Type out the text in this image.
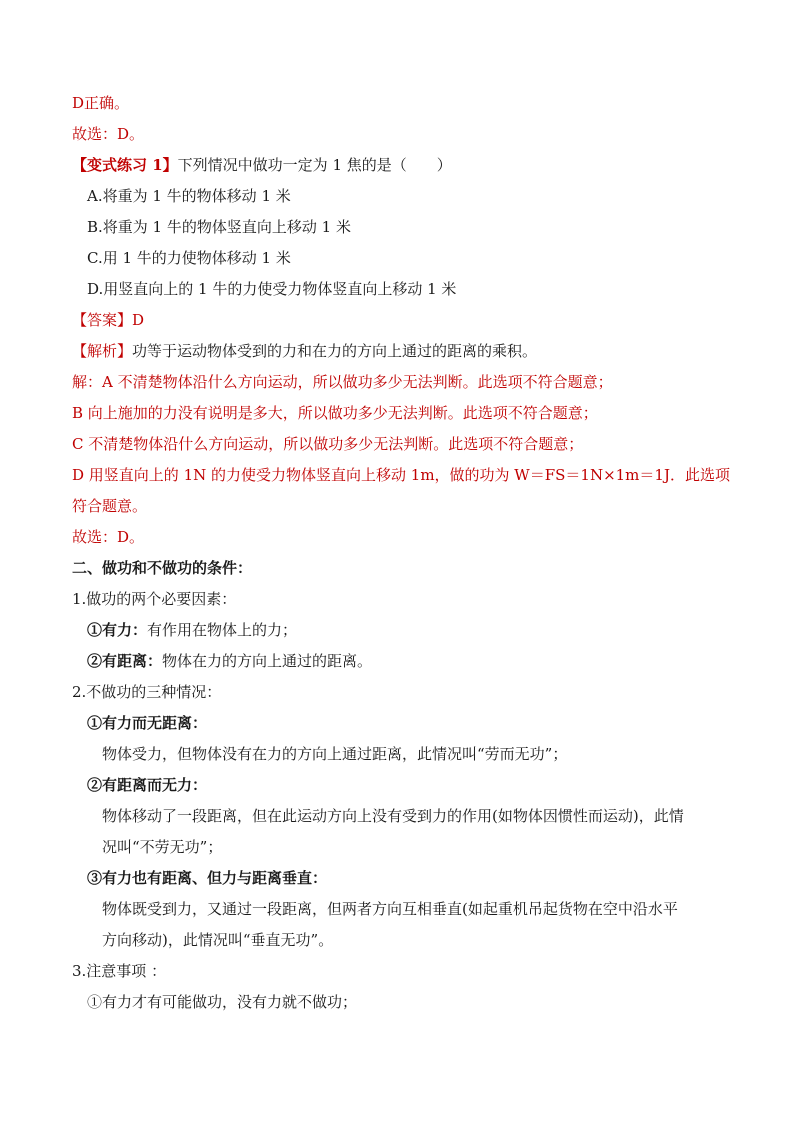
D正确。

故选：D。

【变式练习 1】下列情况中做功一定为 1 焦的是（　　）

A.将重为 1 牛的物体移动 1 米

B.将重为 1 牛的物体竖直向上移动 1 米

C.用 1 牛的力使物体移动 1 米

D.用竖直向上的 1 牛的力使受力物体竖直向上移动 1 米

【答案】D

【解析】功等于运动物体受到的力和在力的方向上通过的距离的乘积。

解：A 不清楚物体沿什么方向运动，所以做功多少无法判断。此选项不符合题意；

B 向上施加的力没有说明是多大，所以做功多少无法判断。此选项不符合题意；

C 不清楚物体沿什么方向运动，所以做功多少无法判断。此选项不符合题意；

D 用竖直向上的 1N 的力使受力物体竖直向上移动 1m，做的功为 W＝FS＝1N×1m＝1J．此选项

符合题意。

故选：D。

二、做功和不做功的条件：

1.做功的两个必要因素：

①有力：有作用在物体上的力；

②有距离：物体在力的方向上通过的距离。

2.不做功的三种情况：

①有力而无距离：

物体受力，但物体没有在力的方向上通过距离，此情况叫“劳而无功”；

②有距离而无力：

物体移动了一段距离，但在此运动方向上没有受到力的作用(如物体因惯性而运动)，此情

况叫“不劳无功”；

③有力也有距离、但力与距离垂直：

物体既受到力，又通过一段距离，但两者方向互相垂直(如起重机吊起货物在空中沿水平

方向移动)，此情况叫“垂直无功”。

3.注意事项 ：

①有力才有可能做功，没有力就不做功；
